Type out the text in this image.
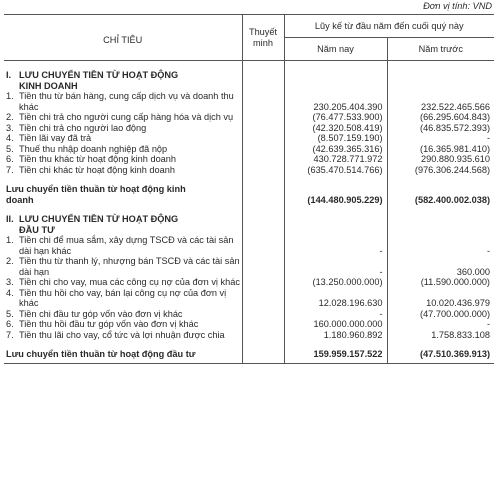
Đơn vị tính: VND
CHỈ TIÊU	Thuyết minh	Lũy kế từ đầu năm đến cuối quý này	
		Năm nay	Năm trước

I. LƯU CHUYỂN TIỀN TỪ HOẠT ĐỘNG KINH DOANH			

1. Tiền thu từ bán hàng, cung cấp dịch vụ và doanh thu khác		230.205.404.390	232.522.465.566

2. Tiền chi trả cho người cung cấp hàng hóa và dịch vụ		(76.477.533.900)	(66.295.604.843)

3. Tiền chi trả cho người lao động		(42.320.508.419)	(46.835.572.393)

4. Tiền lãi vay đã trả		(8.507.159.190)	-

5. Thuế thu nhập doanh nghiệp đã nộp		(42.639.365.316)	(16.365.981.410)

6. Tiền thu khác từ hoạt động kinh doanh		430.728.771.972	290.880.935.610

7. Tiền chi khác từ hoạt động kinh doanh		(635.470.514.766)	(976.306.244.568)

Lưu chuyển tiền thuần từ hoạt động kinh doanh		(144.480.905.229)	(582.400.002.038)

II. LƯU CHUYỂN TIỀN TỪ HOẠT ĐỘNG ĐẦU TƯ			

1. Tiền chi để mua sắm, xây dựng TSCĐ và các tài sản dài hạn khác		-	-

2. Tiền thu từ thanh lý, nhượng bán TSCĐ và các tài sản dài hạn		-	360.000

3. Tiền chi cho vay, mua các công cụ nợ của đơn vị khác		(13.250.000.000)	(11.590.000.000)

4. Tiền thu hồi cho vay, bán lại công cụ nợ của đơn vị khác		12.028.196.630	10.020.436.979

5. Tiền chi đầu tư góp vốn vào đơn vị khác		-	(47.700.000.000)

6. Tiền thu hồi đầu tư góp vốn vào đơn vị khác		160.000.000.000	-

7. Tiền thu lãi cho vay, cổ tức và lợi nhuận được chia		1.180.960.892	1.758.833.108

Lưu chuyển tiền thuần từ hoạt động đầu tư		159.959.157.522	(47.510.369.913)
